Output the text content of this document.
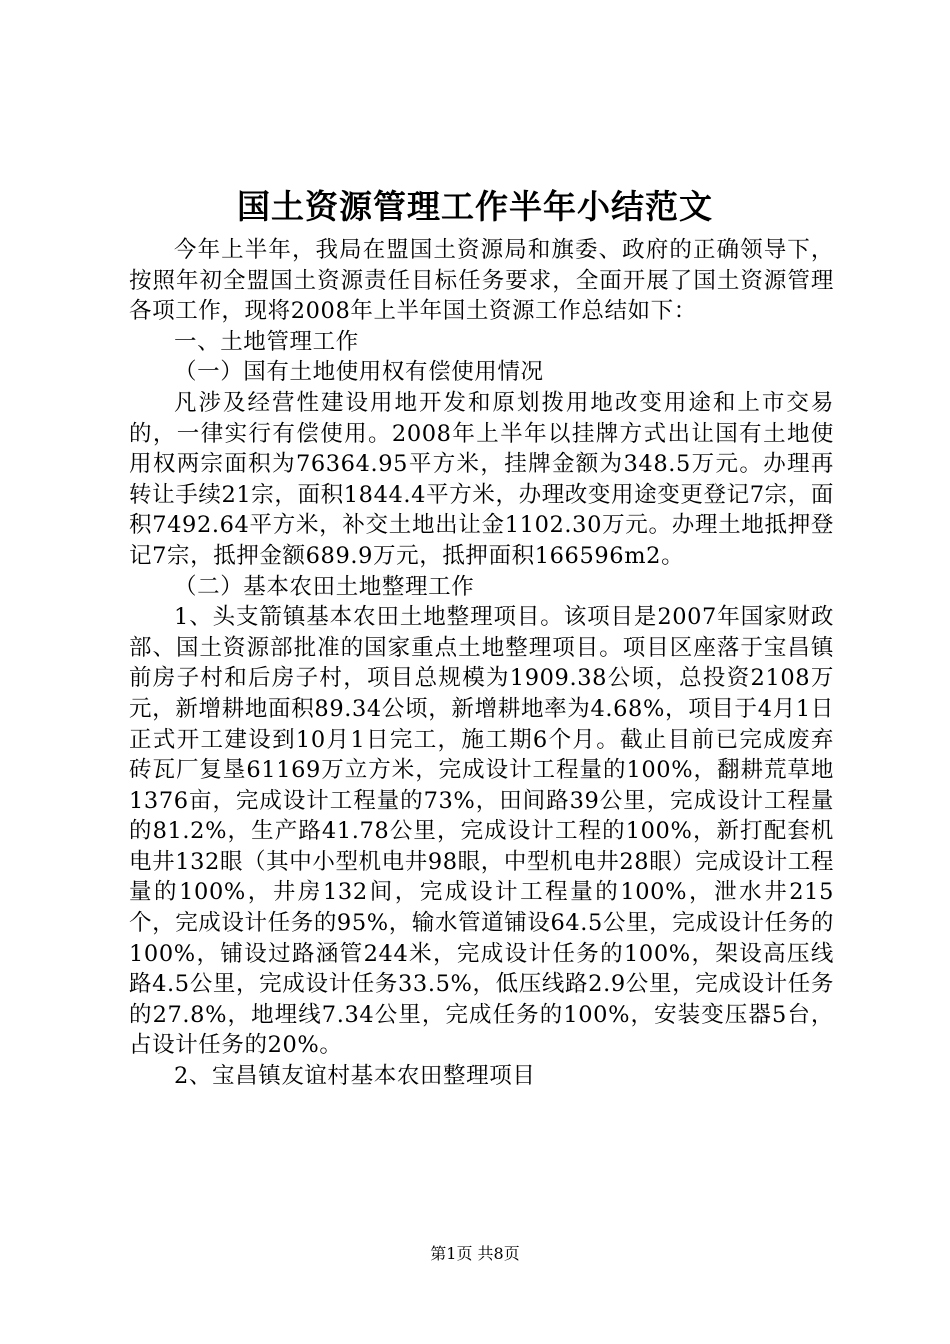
国土资源管理工作半年小结范文

今年上半年，我局在盟国土资源局和旗委、政府的正确领导下，按照年初全盟国土资源责任目标任务要求，全面开展了国土资源管理各项工作，现将2008年上半年国土资源工作总结如下：

一、土地管理工作

（一）国有土地使用权有偿使用情况

凡涉及经营性建设用地开发和原划拨用地改变用途和上市交易的，一律实行有偿使用。2008年上半年以挂牌方式出让国有土地使用权两宗面积为76364.95平方米，挂牌金额为348.5万元。办理再转让手续21宗，面积1844.4平方米，办理改变用途变更登记7宗，面积7492.64平方米，补交土地出让金1102.30万元。办理土地抵押登记7宗，抵押金额689.9万元，抵押面积166596m2。

（二）基本农田土地整理工作

1、头支箭镇基本农田土地整理项目。该项目是2007年国家财政部、国土资源部批准的国家重点土地整理项目。项目区座落于宝昌镇前房子村和后房子村，项目总规模为1909.38公顷，总投资2108万元，新增耕地面积89.34公顷，新增耕地率为4.68%，项目于4月1日正式开工建设到10月1日完工，施工期6个月。截止目前已完成废弃砖瓦厂复垦61169万立方米，完成设计工程量的100%，翻耕荒草地1376亩，完成设计工程量的73%，田间路39公里，完成设计工程量的81.2%，生产路41.78公里，完成设计工程的100%，新打配套机电井132眼（其中小型机电井98眼，中型机电井28眼）完成设计工程量的100%，井房132间，完成设计工程量的100%，泄水井215个，完成设计任务的95%，输水管道铺设64.5公里，完成设计任务的100%，铺设过路涵管244米，完成设计任务的100%，架设高压线路4.5公里，完成设计任务33.5%，低压线路2.9公里，完成设计任务的27.8%，地埋线7.34公里，完成任务的100%，安装变压器5台，占设计任务的20%。

2、宝昌镇友谊村基本农田整理项目

第1页 共8页
